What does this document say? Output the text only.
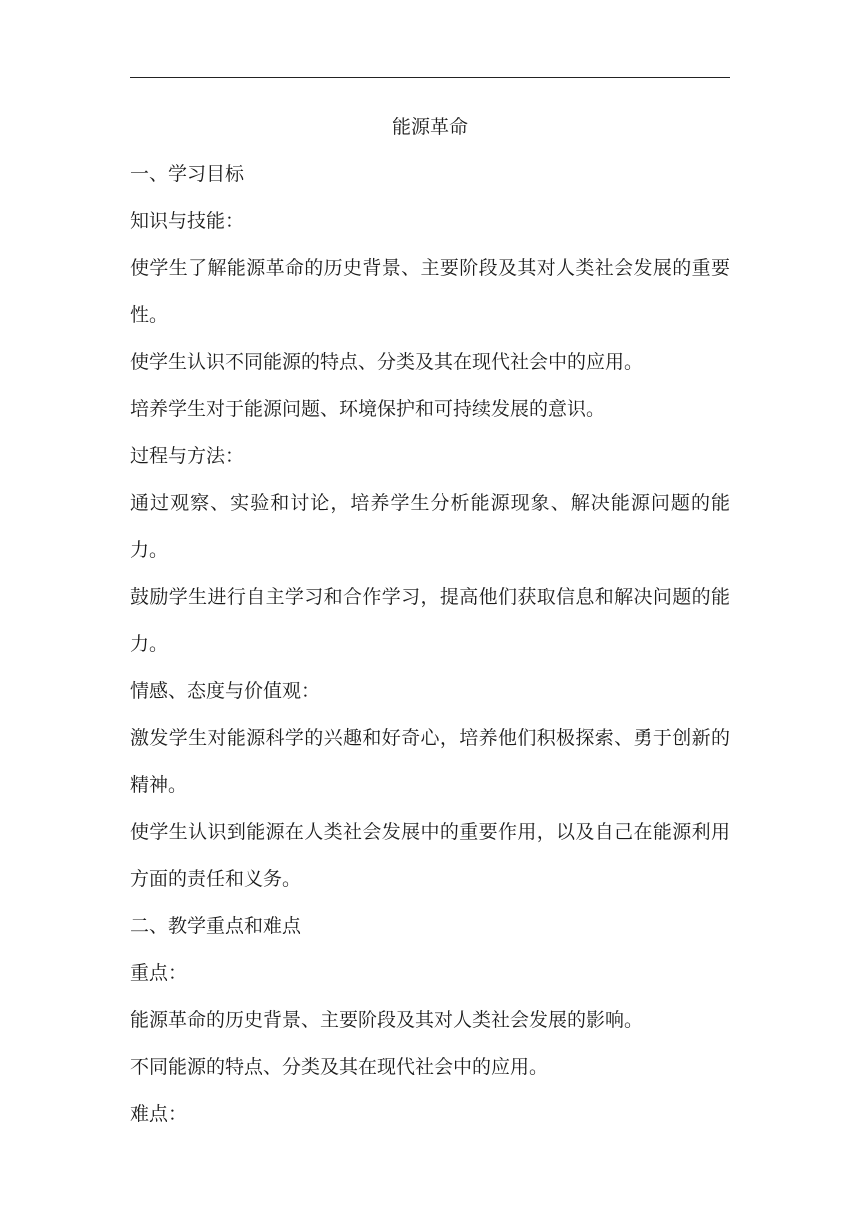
能源革命

一、学习目标

知识与技能：

使学生了解能源革命的历史背景、主要阶段及其对人类社会发展的重要性。

使学生认识不同能源的特点、分类及其在现代社会中的应用。

培养学生对于能源问题、环境保护和可持续发展的意识。

过程与方法：

通过观察、实验和讨论，培养学生分析能源现象、解决能源问题的能力。

鼓励学生进行自主学习和合作学习，提高他们获取信息和解决问题的能力。

情感、态度与价值观：

激发学生对能源科学的兴趣和好奇心，培养他们积极探索、勇于创新的精神。

使学生认识到能源在人类社会发展中的重要作用，以及自己在能源利用方面的责任和义务。

二、教学重点和难点

重点：

能源革命的历史背景、主要阶段及其对人类社会发展的影响。

不同能源的特点、分类及其在现代社会中的应用。

难点：
